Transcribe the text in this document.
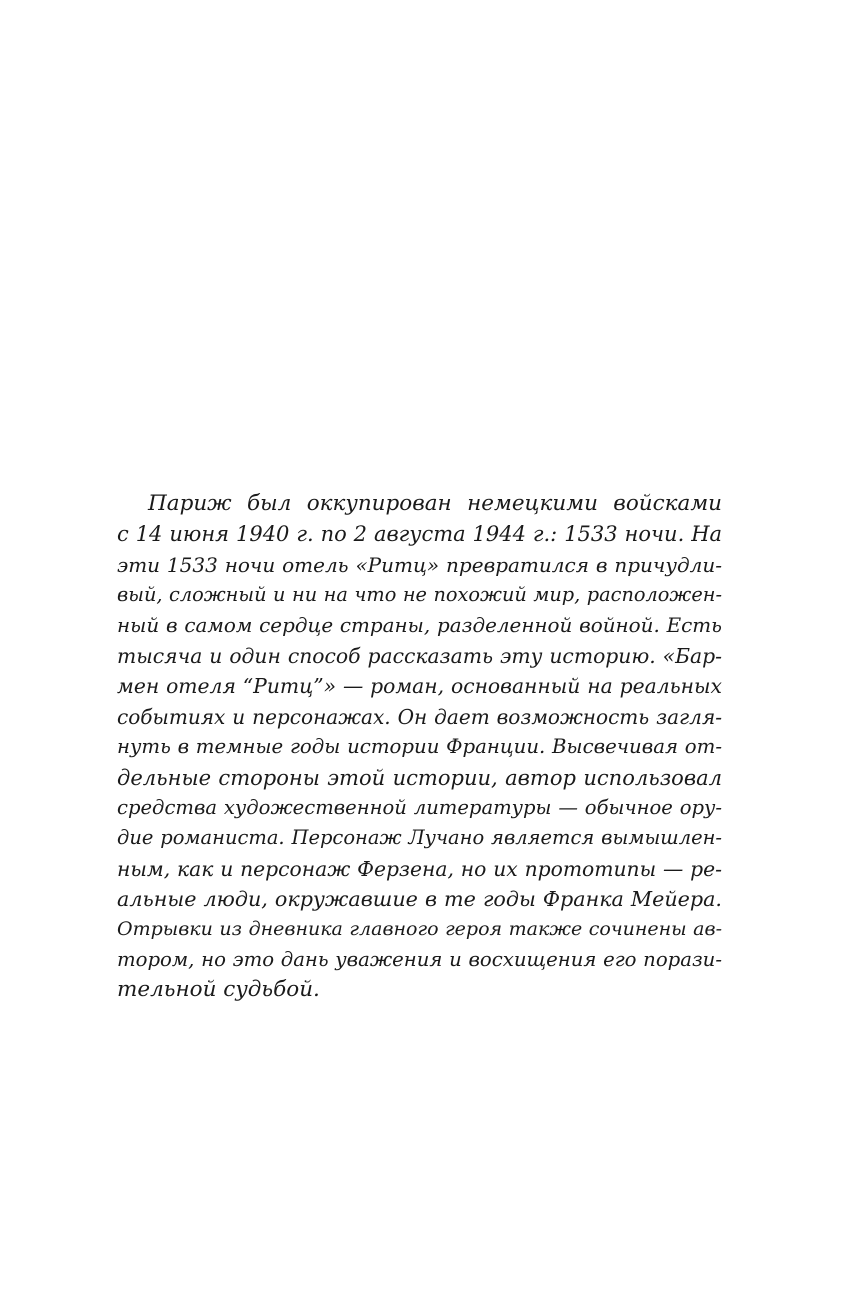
Париж был оккупирован немецкими войсками
с 14 июня 1940 г. по 2 августа 1944 г.: 1533 ночи. На
эти 1533 ночи отель «Ритц» превратился в причудли-
вый, сложный и ни на что не похожий мир, расположен-
ный в самом сердце страны, разделенной войной. Есть
тысяча и один способ рассказать эту историю. «Бар-
мен отеля “Ритц”» — роман, основанный на реальных
событиях и персонажах. Он дает возможность загля-
нуть в темные годы истории Франции. Высвечивая от-
дельные стороны этой истории, автор использовал
средства художественной литературы — обычное ору-
дие романиста. Персонаж Лучано является вымышлен-
ным, как и персонаж Ферзена, но их прототипы — ре-
альные люди, окружавшие в те годы Франка Мейера.
Отрывки из дневника главного героя также сочинены ав-
тором, но это дань уважения и восхищения его порази-
тельной судьбой.
